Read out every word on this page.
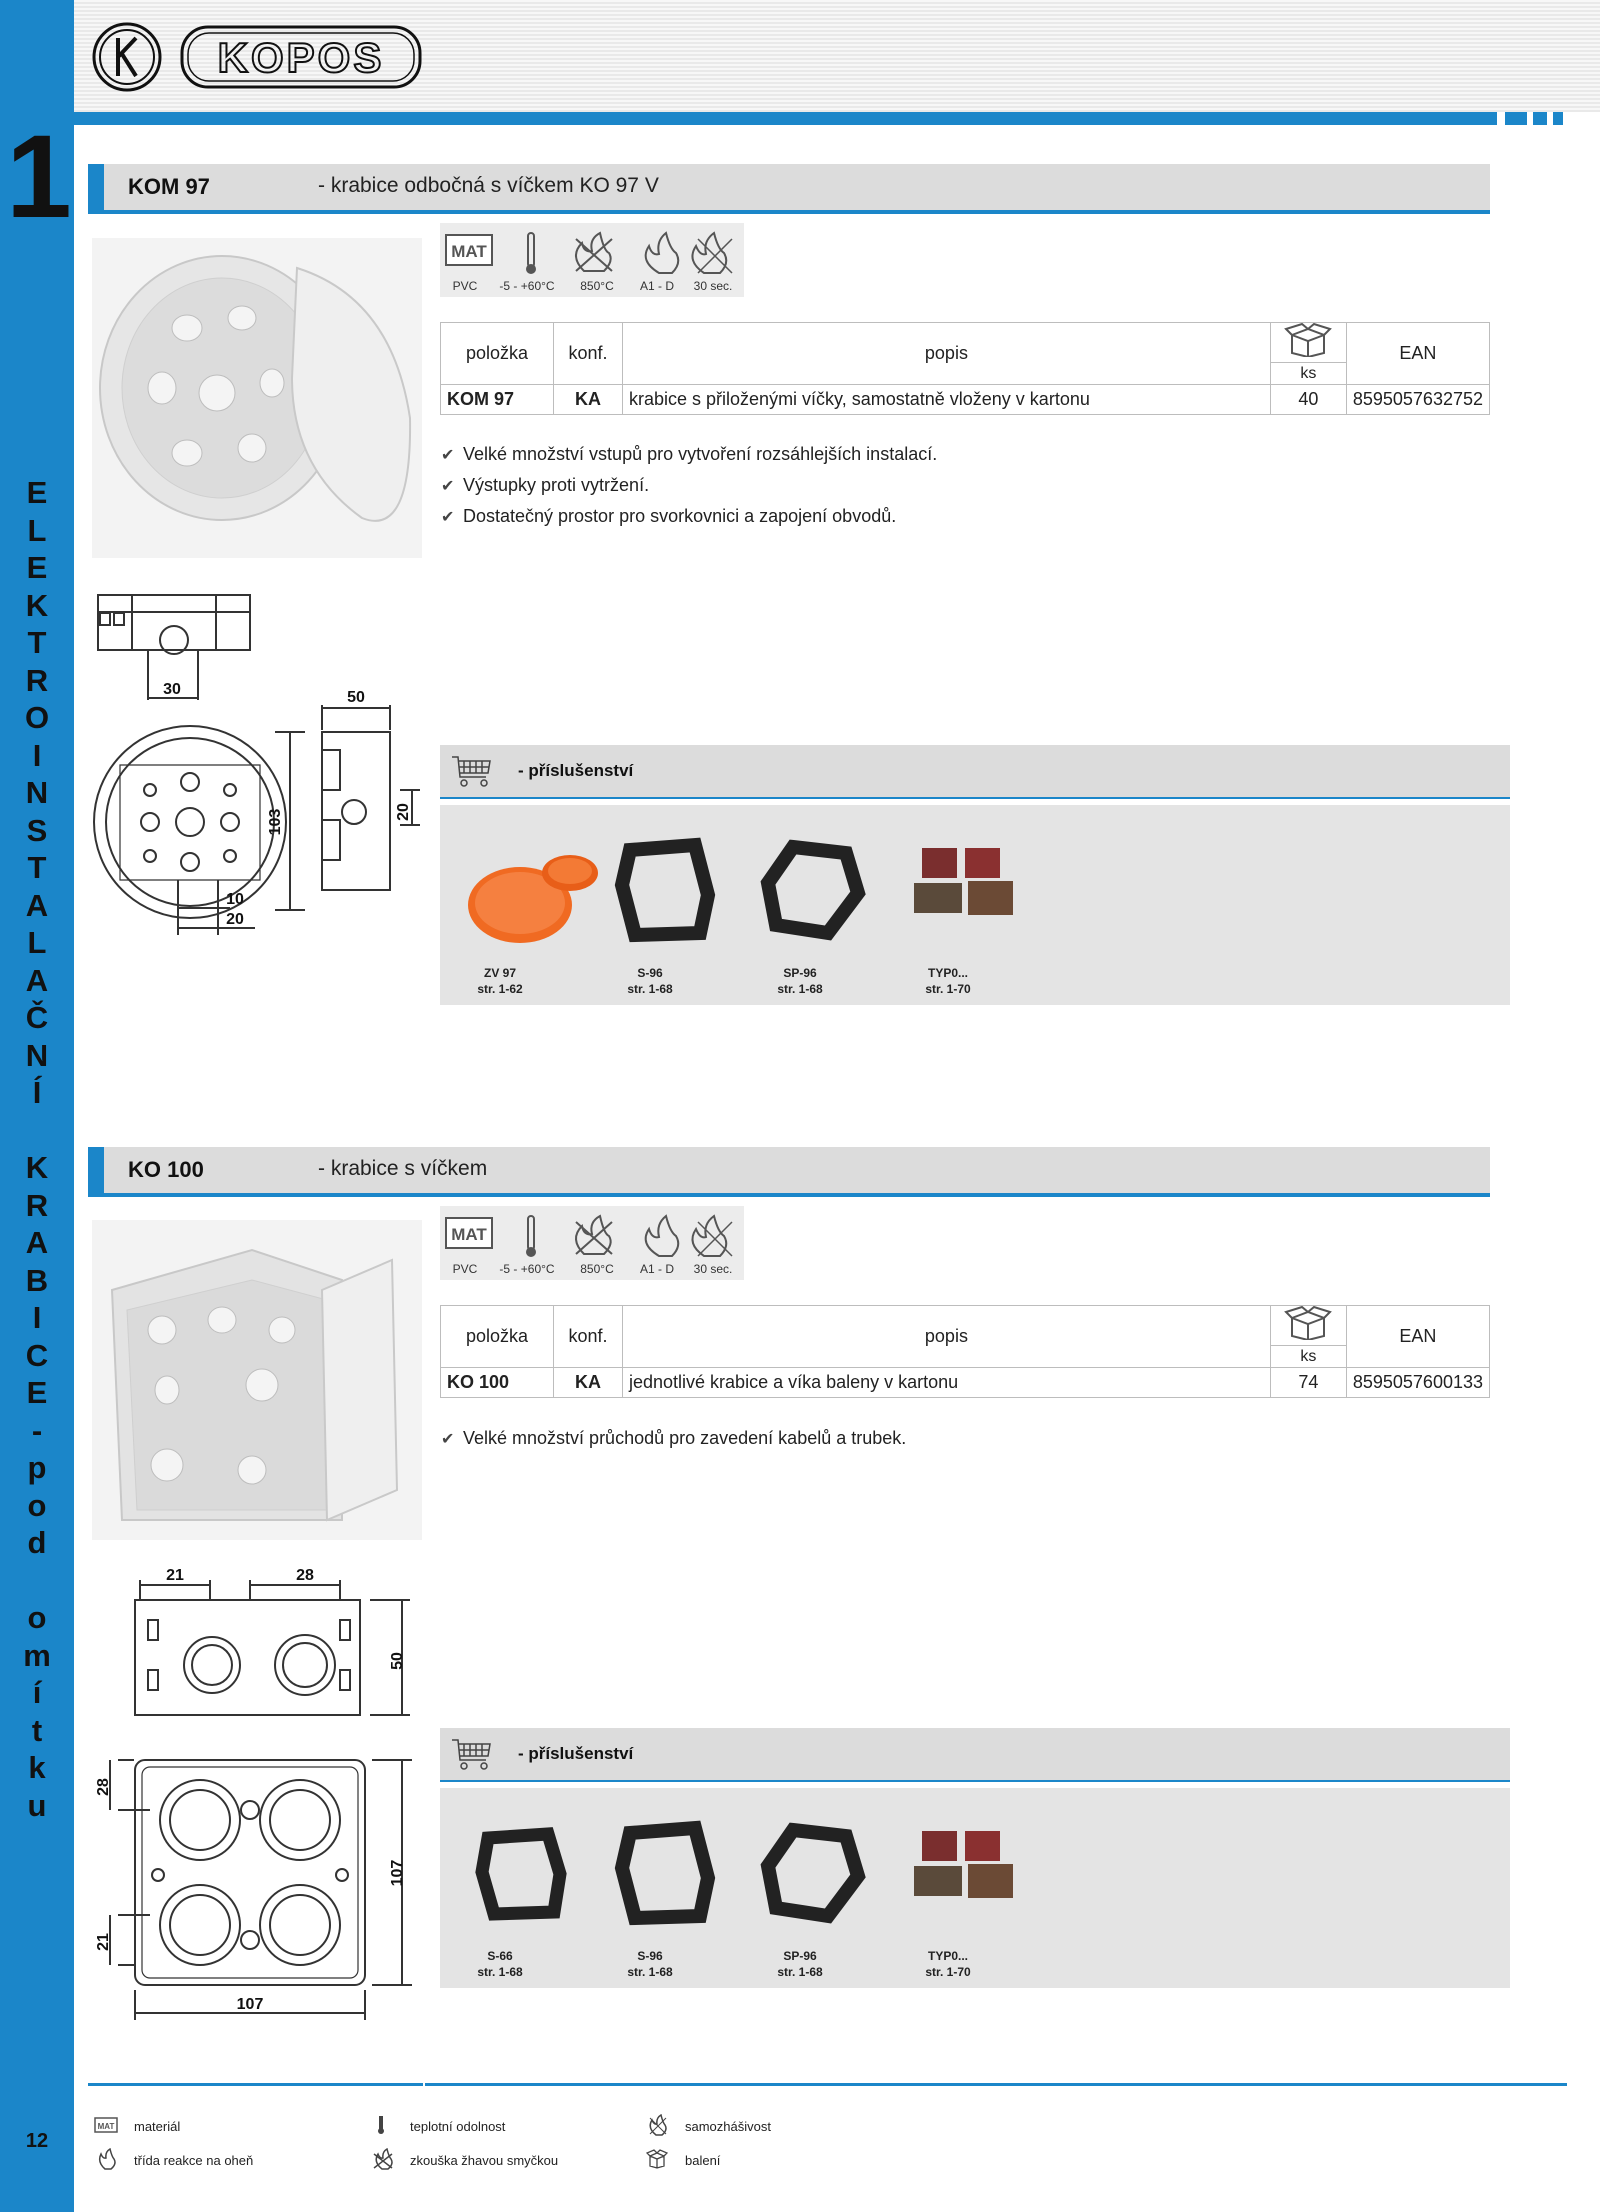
1
E
L
E
K
T
R
O
I
N
S
T
A
L
A
Č
N
Í
K
R
A
B
I
C
E
-
p
o
d
o
m
í
t
k
u
12
KOPOS
KOM 97	- krabice odbočná s víčkem KO 97 V
MAT
PVC	-5 - +60°C	850°C	A1 - D	30 sec.
položka	konf.	popis		EAN
			ks	
KOM 97	KA	krabice s přiloženými víčky, samostatně vloženy v kartonu	40	8595057632752
✔ Velké množství vstupů pro vytvoření rozsáhlejších instalací.
✔ Výstupky proti vytržení.
✔ Dostatečný prostor pro svorkovnici a zapojení obvodů.
30	50
103	20
10
20
- příslušenství
ZV 97
str. 1-62
S-96
str. 1-68
SP-96
str. 1-68
TYP0...
str. 1-70
KO 100	- krabice s víčkem
MAT
PVC	-5 - +60°C	850°C	A1 - D	30 sec.
položka	konf.	popis		EAN
			ks	
KO 100	KA	jednotlivé krabice a víka baleny v kartonu	74	8595057600133
✔ Velké množství průchodů pro zavedení kabelů a trubek.
21	28
50
28
107
21
107
- příslušenství
S-66
str. 1-68
S-96
str. 1-68
SP-96
str. 1-68
TYP0...
str. 1-70
MAT materiál	teplotní odolnost	samozhášivost
třída reakce na oheň	zkouška žhavou smyčkou	balení
